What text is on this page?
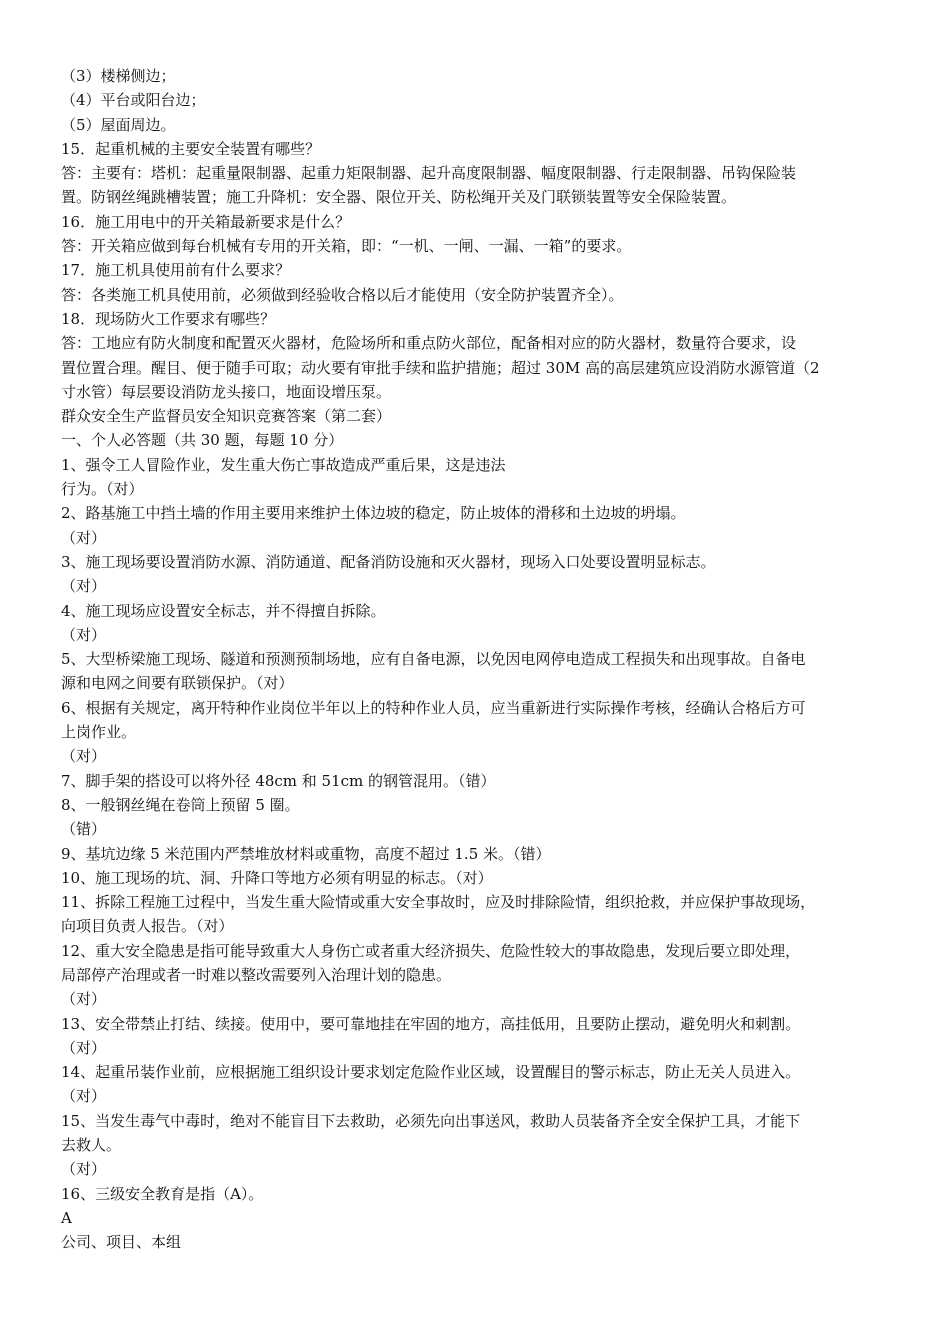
（3）楼梯侧边；

（4）平台或阳台边；

（5）屋面周边。

15．起重机械的主要安全装置有哪些？

答：主要有：塔机：起重量限制器、起重力矩限制器、起升高度限制器、幅度限制器、行走限制器、吊钩保险装

置。防钢丝绳跳槽装置；施工升降机：安全器、限位开关、防松绳开关及门联锁装置等安全保险装置。

16．施工用电中的开关箱最新要求是什么？

答：开关箱应做到每台机械有专用的开关箱，即：“一机、一闸、一漏、一箱”的要求。

17．施工机具使用前有什么要求？

答：各类施工机具使用前，必须做到经验收合格以后才能使用（安全防护装置齐全）。

18．现场防火工作要求有哪些？

答：工地应有防火制度和配置灭火器材，危险场所和重点防火部位，配备相对应的防火器材，数量符合要求，设

置位置合理。醒目、便于随手可取；动火要有审批手续和监护措施；超过 30M 高的高层建筑应设消防水源管道（2

寸水管）每层要设消防龙头接口，地面设增压泵。

群众安全生产监督员安全知识竞赛答案（第二套）

一、个人必答题（共 30 题，每题 10 分）

1、强令工人冒险作业，发生重大伤亡事故造成严重后果，这是违法

行为。（对）

2、路基施工中挡土墙的作用主要用来维护土体边坡的稳定，防止坡体的滑移和土边坡的坍塌。

（对）

3、施工现场要设置消防水源、消防通道、配备消防设施和灭火器材，现场入口处要设置明显标志。

（对）

4、施工现场应设置安全标志，并不得擅自拆除。

（对）

5、大型桥梁施工现场、隧道和预测预制场地，应有自备电源，以免因电网停电造成工程损失和出现事故。自备电

源和电网之间要有联锁保护。（对）

6、根据有关规定，离开特种作业岗位半年以上的特种作业人员，应当重新进行实际操作考核，经确认合格后方可

上岗作业。

（对）

7、脚手架的搭设可以将外径 48cm 和 51cm 的钢管混用。（错）

8、一般钢丝绳在卷筒上预留 5 圈。

（错）

9、基坑边缘 5 米范围内严禁堆放材料或重物，高度不超过 1.5 米。（错）

10、施工现场的坑、洞、升降口等地方必须有明显的标志。（对）

11、拆除工程施工过程中，当发生重大险情或重大安全事故时，应及时排除险情，组织抢救，并应保护事故现场，

向项目负责人报告。（对）

12、重大安全隐患是指可能导致重大人身伤亡或者重大经济损失、危险性较大的事故隐患，发现后要立即处理，

局部停产治理或者一时难以整改需要列入治理计划的隐患。

（对）

13、安全带禁止打结、续接。使用中，要可靠地挂在牢固的地方，高挂低用，且要防止摆动，避免明火和刺割。

（对）

14、起重吊装作业前，应根据施工组织设计要求划定危险作业区域，设置醒目的警示标志，防止无关人员进入。

（对）

15、当发生毒气中毒时，绝对不能盲目下去救助，必须先向出事送风，救助人员装备齐全安全保护工具，才能下

去救人。

（对）

16、三级安全教育是指（A）。

A

公司、项目、本组
